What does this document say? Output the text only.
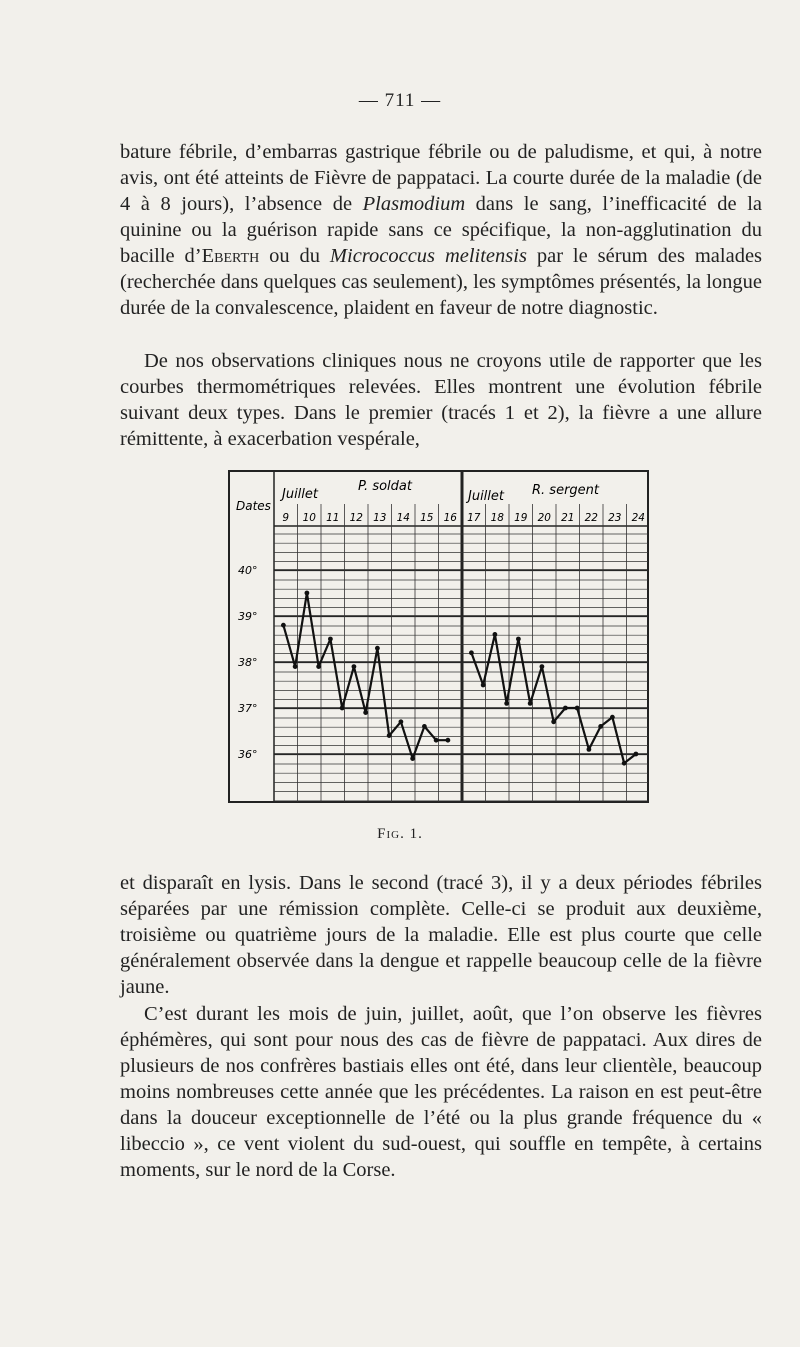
— 711 —

bature fébrile, d’embarras gastrique fébrile ou de paludisme, et qui, à notre avis, ont été atteints de Fièvre de pappataci. La courte durée de la maladie (de 4 à 8 jours), l’absence de Plasmodium dans le sang, l’inefficacité de la quinine ou la guérison rapide sans ce spécifique, la non-agglutination du bacille d’Eberth ou du Micrococcus melitensis par le sérum des malades (recherchée dans quelques cas seulement), les symptômes présentés, la longue durée de la convalescence, plaident en faveur de notre diagnostic.

De nos observations cliniques nous ne croyons utile de rapporter que les courbes thermométriques relevées. Elles montrent une évolution fébrile suivant deux types. Dans le premier (tracés 1 et 2), la fièvre a une allure rémittente, à exacerbation vespérale,

Dates
Juillet
P. soldat
Juillet R. sergent
9 10 11 12 13 14 15 16 17 18 19 20 21 22 23 24
40°
39°
38°
37°
36°
Fig. 1.

et disparaît en lysis. Dans le second (tracé 3), il y a deux périodes fébriles séparées par une rémission complète. Celle-ci se produit aux deuxième, troisième ou quatrième jours de la maladie. Elle est plus courte que celle généralement observée dans la dengue et rappelle beaucoup celle de la fièvre jaune.

C’est durant les mois de juin, juillet, août, que l’on observe les fièvres éphémères, qui sont pour nous des cas de fièvre de pappataci. Aux dires de plusieurs de nos confrères bastiais elles ont été, dans leur clientèle, beaucoup moins nombreuses cette année que les précédentes. La raison en est peut-être dans la douceur exceptionnelle de l’été ou la plus grande fréquence du « libeccio », ce vent violent du sud-ouest, qui souffle en tempête, à certains moments, sur le nord de la Corse.
